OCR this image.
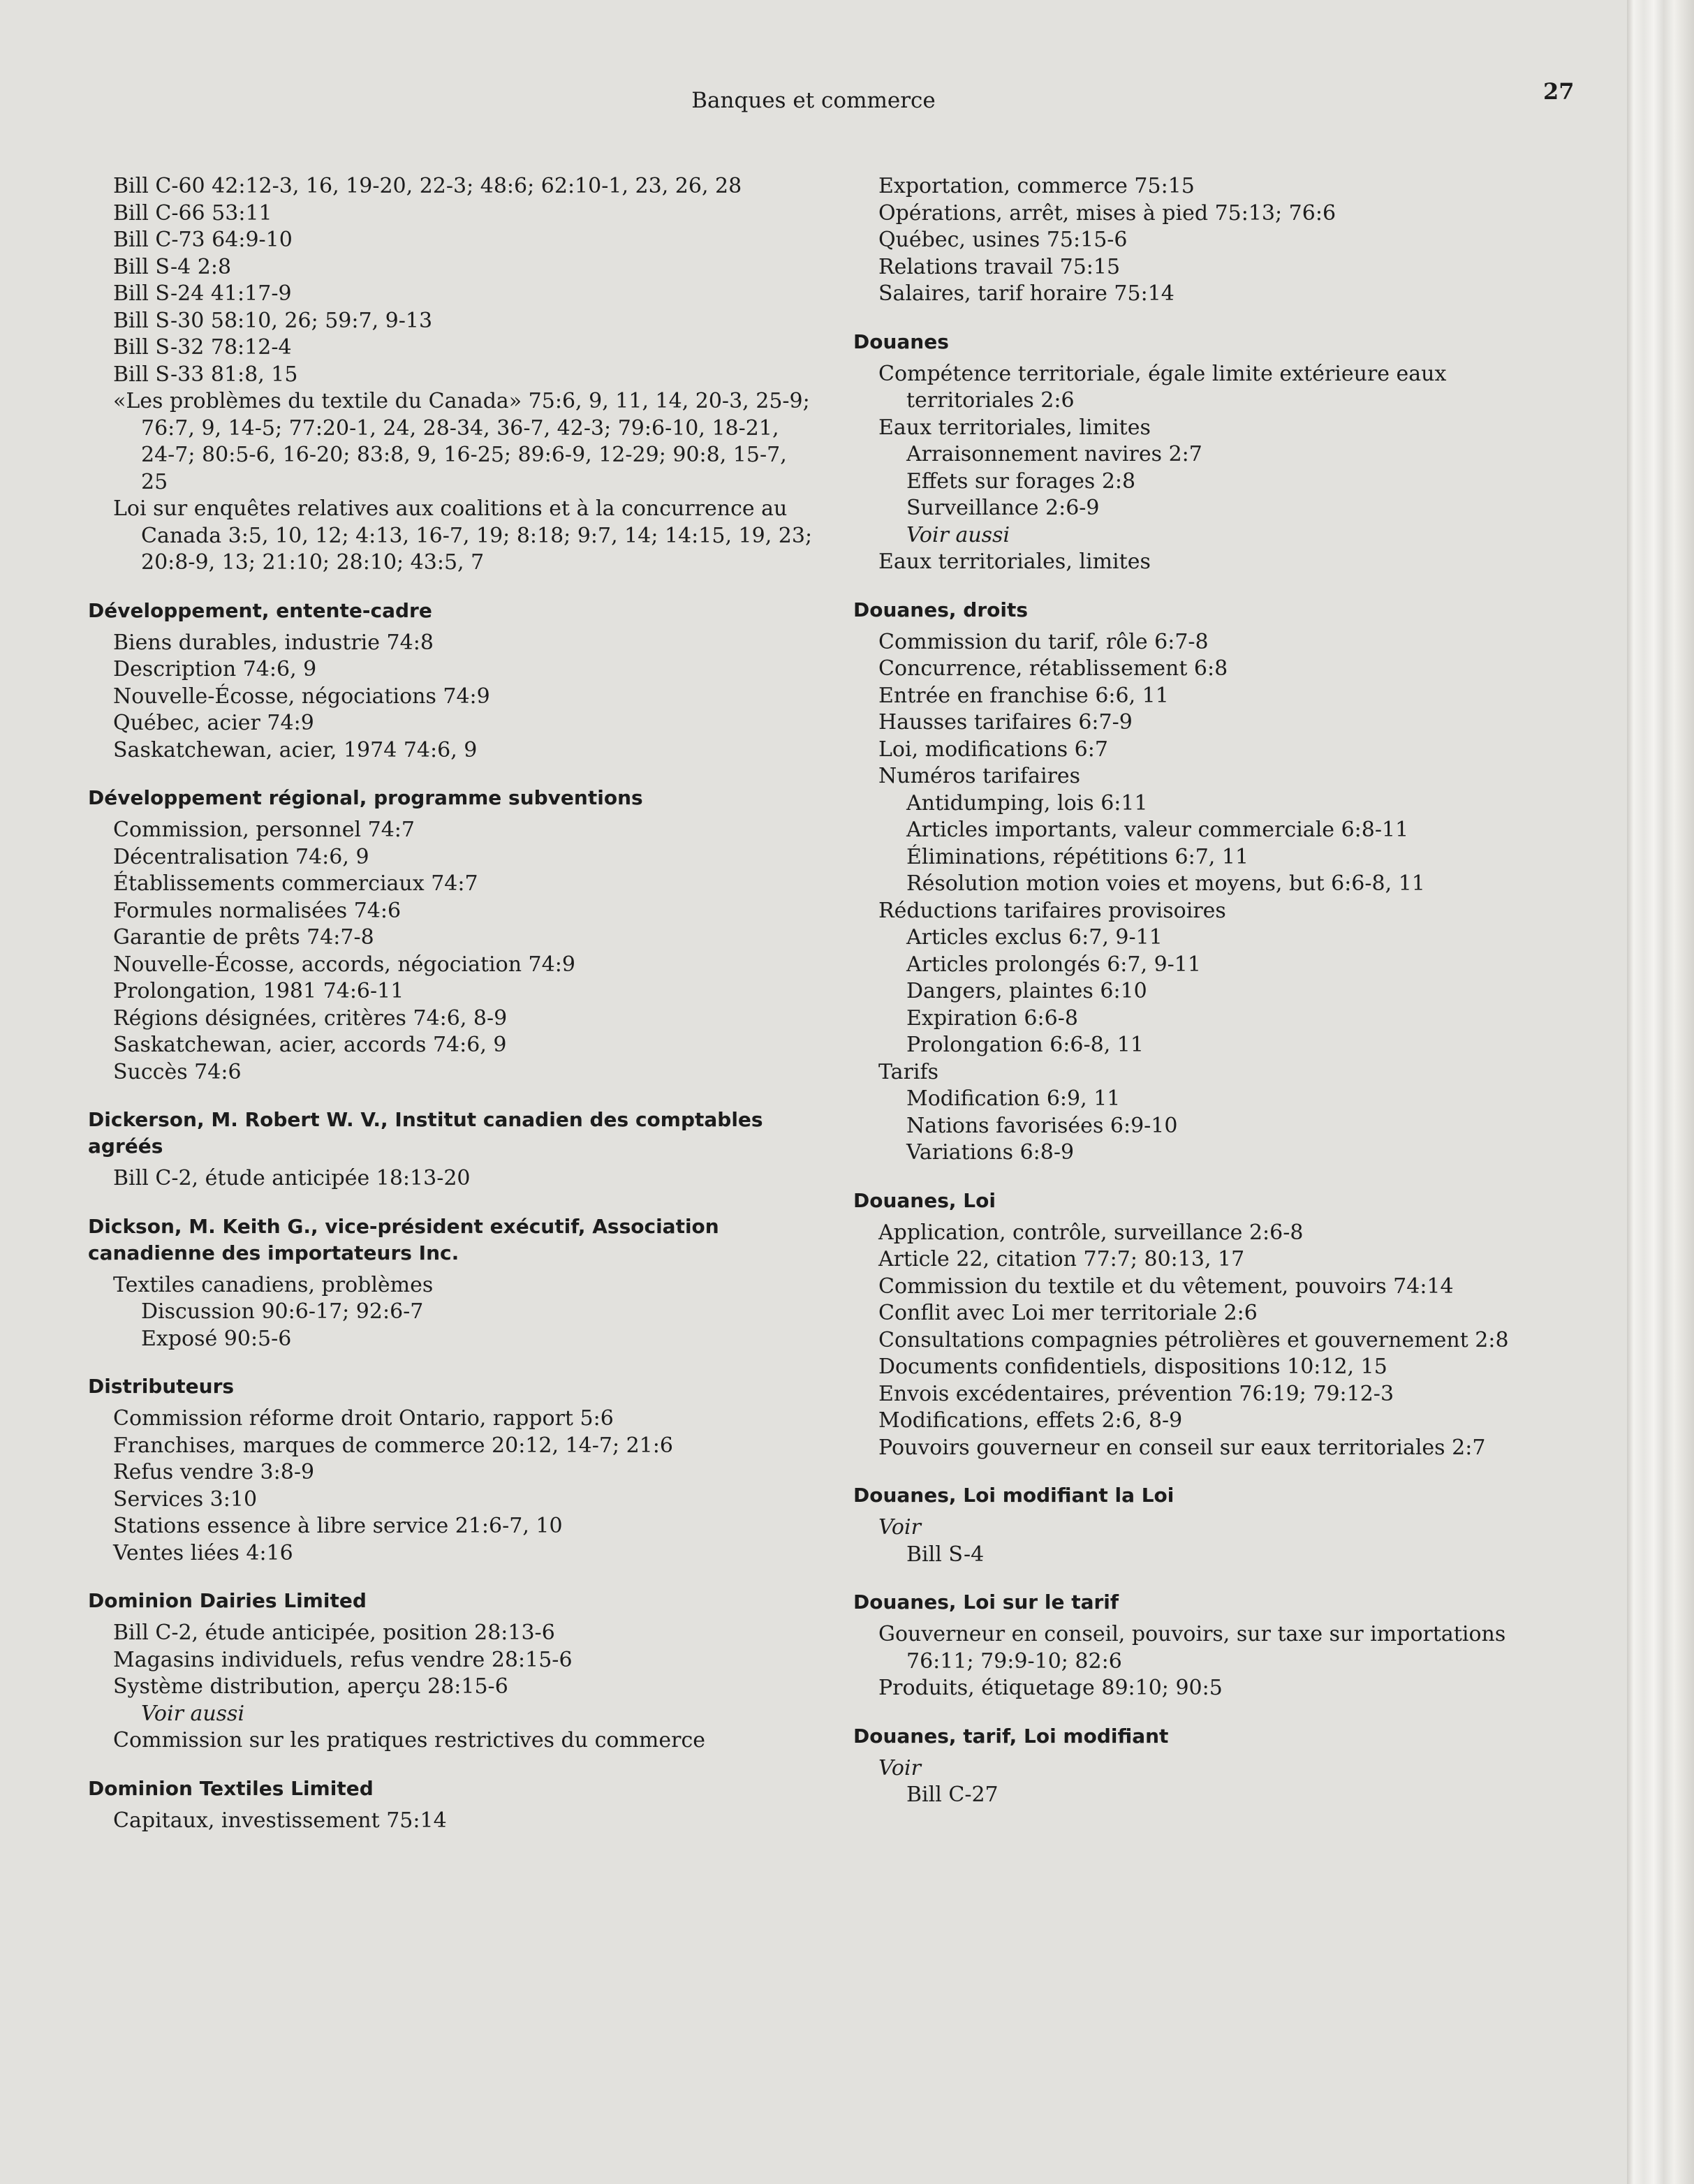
Banques et commerce	27
Bill C-60 42:12-3, 16, 19-20, 22-3; 48:6; 62:10-1, 23, 26, 28
Bill C-66 53:11
Bill C-73 64:9-10
Bill S-4 2:8
Bill S-24 41:17-9
Bill S-30 58:10, 26; 59:7, 9-13
Bill S-32 78:12-4
Bill S-33 81:8, 15
«Les problèmes du textile du Canada» 75:6, 9, 11, 14, 20-3, 25-9; 76:7, 9, 14-5; 77:20-1, 24, 28-34, 36-7, 42-3; 79:6-10, 18-21, 24-7; 80:5-6, 16-20; 83:8, 9, 16-25; 89:6-9, 12-29; 90:8, 15-7, 25
Loi sur enquêtes relatives aux coalitions et à la concurrence au Canada 3:5, 10, 12; 4:13, 16-7, 19; 8:18; 9:7, 14; 14:15, 19, 23; 20:8-9, 13; 21:10; 28:10; 43:5, 7
Développement, entente-cadre
Biens durables, industrie 74:8
Description 74:6, 9
Nouvelle-Écosse, négociations 74:9
Québec, acier 74:9
Saskatchewan, acier, 1974 74:6, 9
Développement régional, programme subventions
Commission, personnel 74:7
Décentralisation 74:6, 9
Établissements commerciaux 74:7
Formules normalisées 74:6
Garantie de prêts 74:7-8
Nouvelle-Écosse, accords, négociation 74:9
Prolongation, 1981 74:6-11
Régions désignées, critères 74:6, 8-9
Saskatchewan, acier, accords 74:6, 9
Succès 74:6
Dickerson, M. Robert W. V., Institut canadien des comptables agréés
Bill C-2, étude anticipée 18:13-20
Dickson, M. Keith G., vice-président exécutif, Association canadienne des importateurs Inc.
Textiles canadiens, problèmes
Discussion 90:6-17; 92:6-7
Exposé 90:5-6
Distributeurs
Commission réforme droit Ontario, rapport 5:6
Franchises, marques de commerce 20:12, 14-7; 21:6
Refus vendre 3:8-9
Services 3:10
Stations essence à libre service 21:6-7, 10
Ventes liées 4:16
Dominion Dairies Limited
Bill C-2, étude anticipée, position 28:13-6
Magasins individuels, refus vendre 28:15-6
Système distribution, aperçu 28:15-6
Voir aussi
Commission sur les pratiques restrictives du commerce
Dominion Textiles Limited
Capitaux, investissement 75:14
Exportation, commerce 75:15
Opérations, arrêt, mises à pied 75:13; 76:6
Québec, usines 75:15-6
Relations travail 75:15
Salaires, tarif horaire 75:14
Douanes
Compétence territoriale, égale limite extérieure eaux territoriales 2:6
Eaux territoriales, limites
Arraisonnement navires 2:7
Effets sur forages 2:8
Surveillance 2:6-9
Voir aussi
Eaux territoriales, limites
Douanes, droits
Commission du tarif, rôle 6:7-8
Concurrence, rétablissement 6:8
Entrée en franchise 6:6, 11
Hausses tarifaires 6:7-9
Loi, modifications 6:7
Numéros tarifaires
Antidumping, lois 6:11
Articles importants, valeur commerciale 6:8-11
Éliminations, répétitions 6:7, 11
Résolution motion voies et moyens, but 6:6-8, 11
Réductions tarifaires provisoires
Articles exclus 6:7, 9-11
Articles prolongés 6:7, 9-11
Dangers, plaintes 6:10
Expiration 6:6-8
Prolongation 6:6-8, 11
Tarifs
Modification 6:9, 11
Nations favorisées 6:9-10
Variations 6:8-9
Douanes, Loi
Application, contrôle, surveillance 2:6-8
Article 22, citation 77:7; 80:13, 17
Commission du textile et du vêtement, pouvoirs 74:14
Conflit avec Loi mer territoriale 2:6
Consultations compagnies pétrolières et gouvernement 2:8
Documents confidentiels, dispositions 10:12, 15
Envois excédentaires, prévention 76:19; 79:12-3
Modifications, effets 2:6, 8-9
Pouvoirs gouverneur en conseil sur eaux territoriales 2:7
Douanes, Loi modifiant la Loi
Voir
Bill S-4
Douanes, Loi sur le tarif
Gouverneur en conseil, pouvoirs, sur taxe sur importations 76:11; 79:9-10; 82:6
Produits, étiquetage 89:10; 90:5
Douanes, tarif, Loi modifiant
Voir
Bill C-27
